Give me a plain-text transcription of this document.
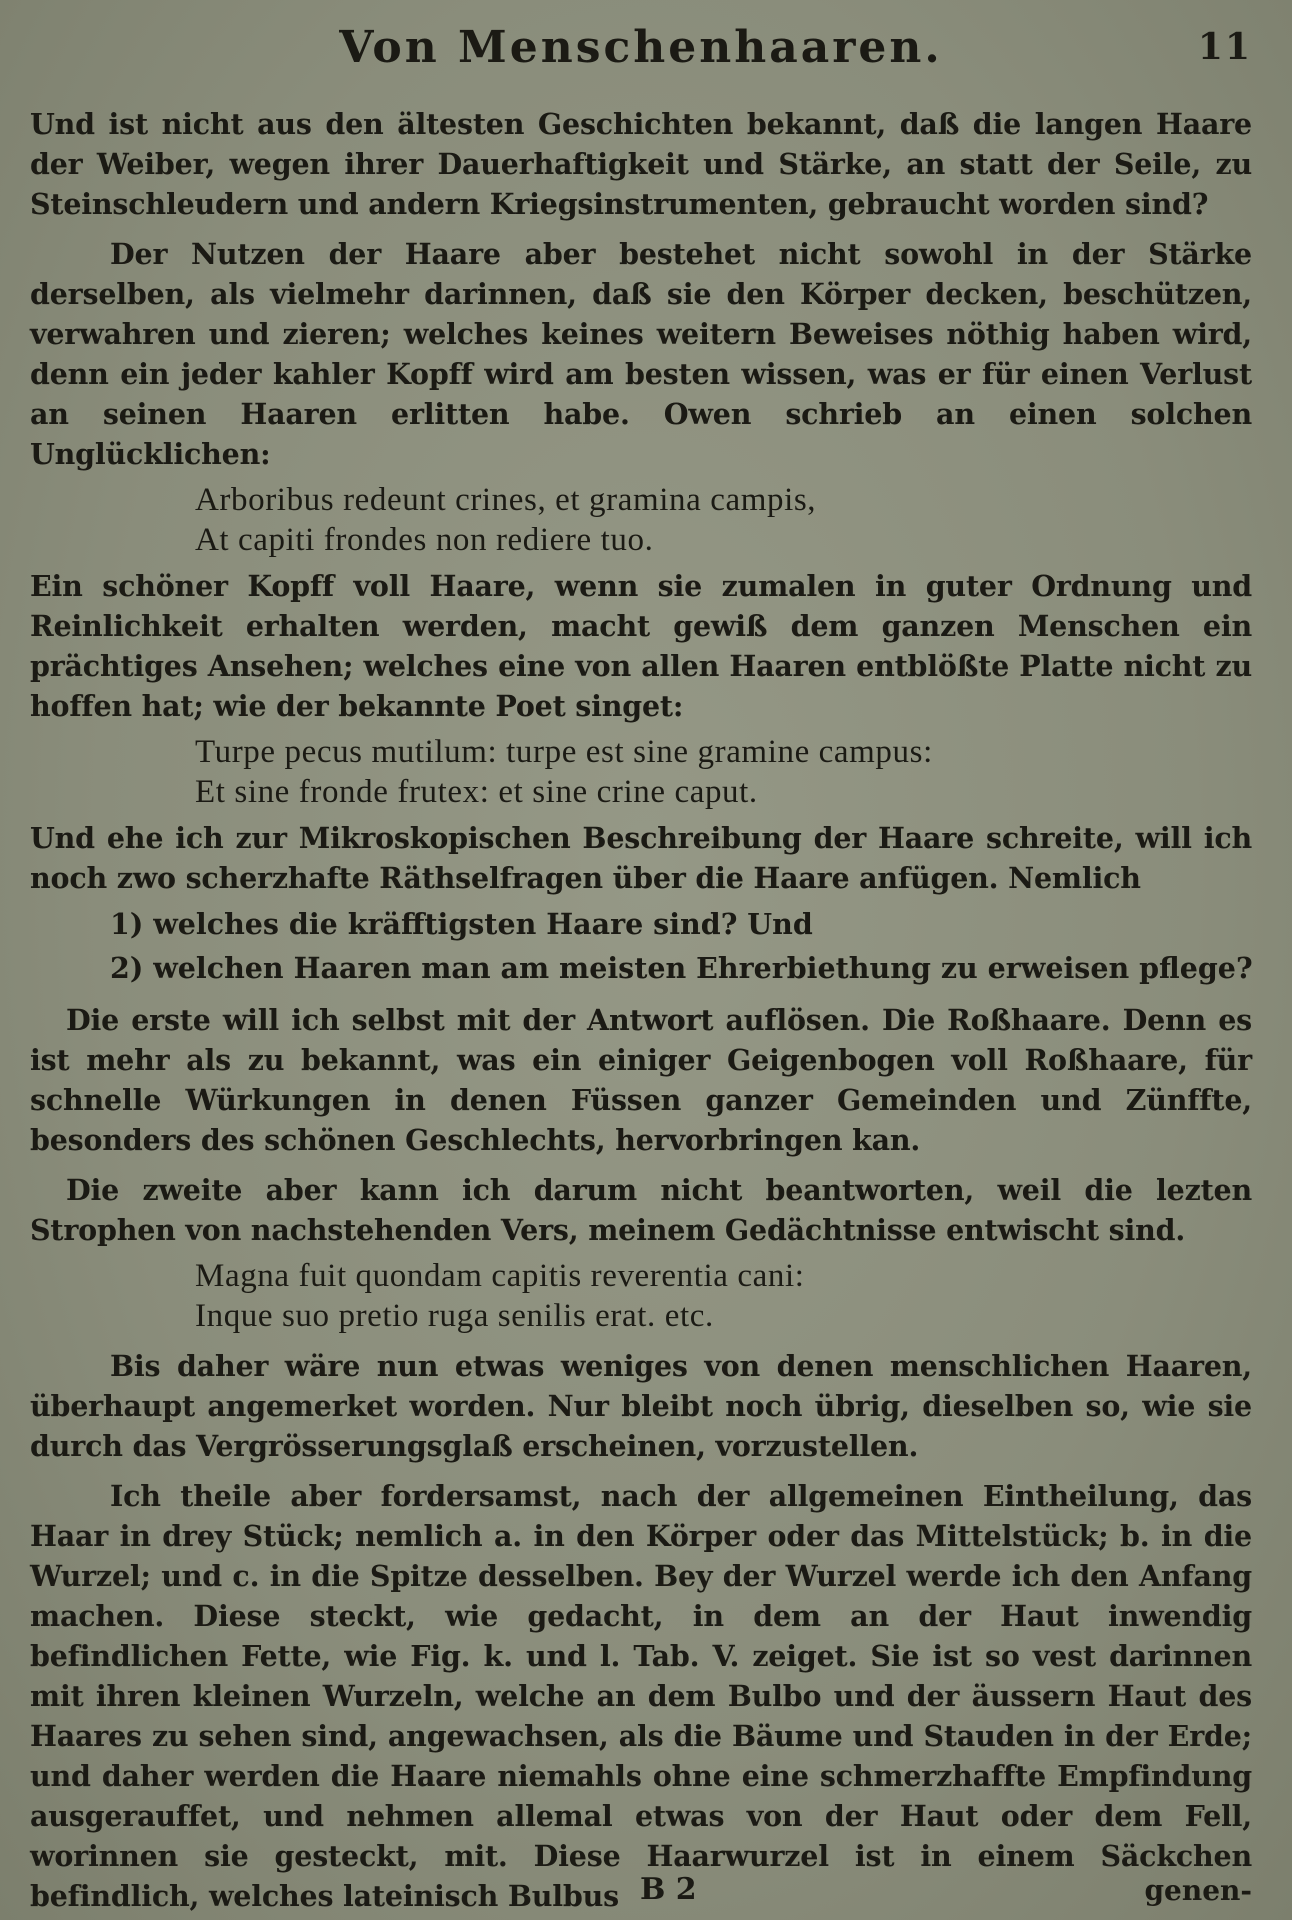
Von Menschenhaaren.	11

Und ist nicht aus den ältesten Geschichten bekannt, daß die langen Haare der Weiber, wegen ihrer Dauerhaftigkeit und Stärke, an statt der Seile, zu Steinschleudern und andern Kriegsinstrumenten, gebraucht worden sind?

Der Nutzen der Haare aber bestehet nicht sowohl in der Stärke derselben, als vielmehr darinnen, daß sie den Körper decken, beschützen, verwahren und zieren; welches keines weitern Beweises nöthig haben wird, denn ein jeder kahler Kopff wird am besten wissen, was er für einen Verlust an seinen Haaren erlitten habe. Owen schrieb an einen solchen Unglücklichen:

Arboribus redeunt crines, et gramina campis,
At capiti frondes non rediere tuo.

Ein schöner Kopff voll Haare, wenn sie zumalen in guter Ordnung und Reinlichkeit erhalten werden, macht gewiß dem ganzen Menschen ein prächtiges Ansehen; welches eine von allen Haaren entblößte Platte nicht zu hoffen hat; wie der bekannte Poet singet:

Turpe pecus mutilum: turpe est sine gramine campus:
Et sine fronde frutex: et sine crine caput.

Und ehe ich zur Mikroskopischen Beschreibung der Haare schreite, will ich noch zwo scherzhafte Räthselfragen über die Haare anfügen. Nemlich

1) welches die kräfftigsten Haare sind? Und
2) welchen Haaren man am meisten Ehrerbiethung zu erweisen pflege?

Die erste will ich selbst mit der Antwort auflösen. Die Roßhaare. Denn es ist mehr als zu bekannt, was ein einiger Geigenbogen voll Roßhaare, für schnelle Würkungen in denen Füssen ganzer Gemeinden und Zünffte, besonders des schönen Geschlechts, hervorbringen kan.

Die zweite aber kann ich darum nicht beantworten, weil die lezten Strophen von nachstehenden Vers, meinem Gedächtnisse entwischt sind.

Magna fuit quondam capitis reverentia cani:
Inque suo pretio ruga senilis erat. etc.

Bis daher wäre nun etwas weniges von denen menschlichen Haaren, überhaupt angemerket worden. Nur bleibt noch übrig, dieselben so, wie sie durch das Vergrösserungsglaß erscheinen, vorzustellen.

Ich theile aber fordersamst, nach der allgemeinen Eintheilung, das Haar in drey Stück; nemlich a. in den Körper oder das Mittelstück; b. in die Wurzel; und c. in die Spitze desselben. Bey der Wurzel werde ich den Anfang machen. Diese steckt, wie gedacht, in dem an der Haut inwendig befindlichen Fette, wie Fig. k. und l. Tab. V. zeiget. Sie ist so vest darinnen mit ihren kleinen Wurzeln, welche an dem Bulbo und der äussern Haut des Haares zu sehen sind, angewachsen, als die Bäume und Stauden in der Erde; und daher werden die Haare niemahls ohne eine schmerzhaffte Empfindung ausgerauffet, und nehmen allemal etwas von der Haut oder dem Fell, worinnen sie gesteckt, mit. Diese Haarwurzel ist in einem Säckchen befindlich, welches lateinisch Bulbus B 2	genen-
